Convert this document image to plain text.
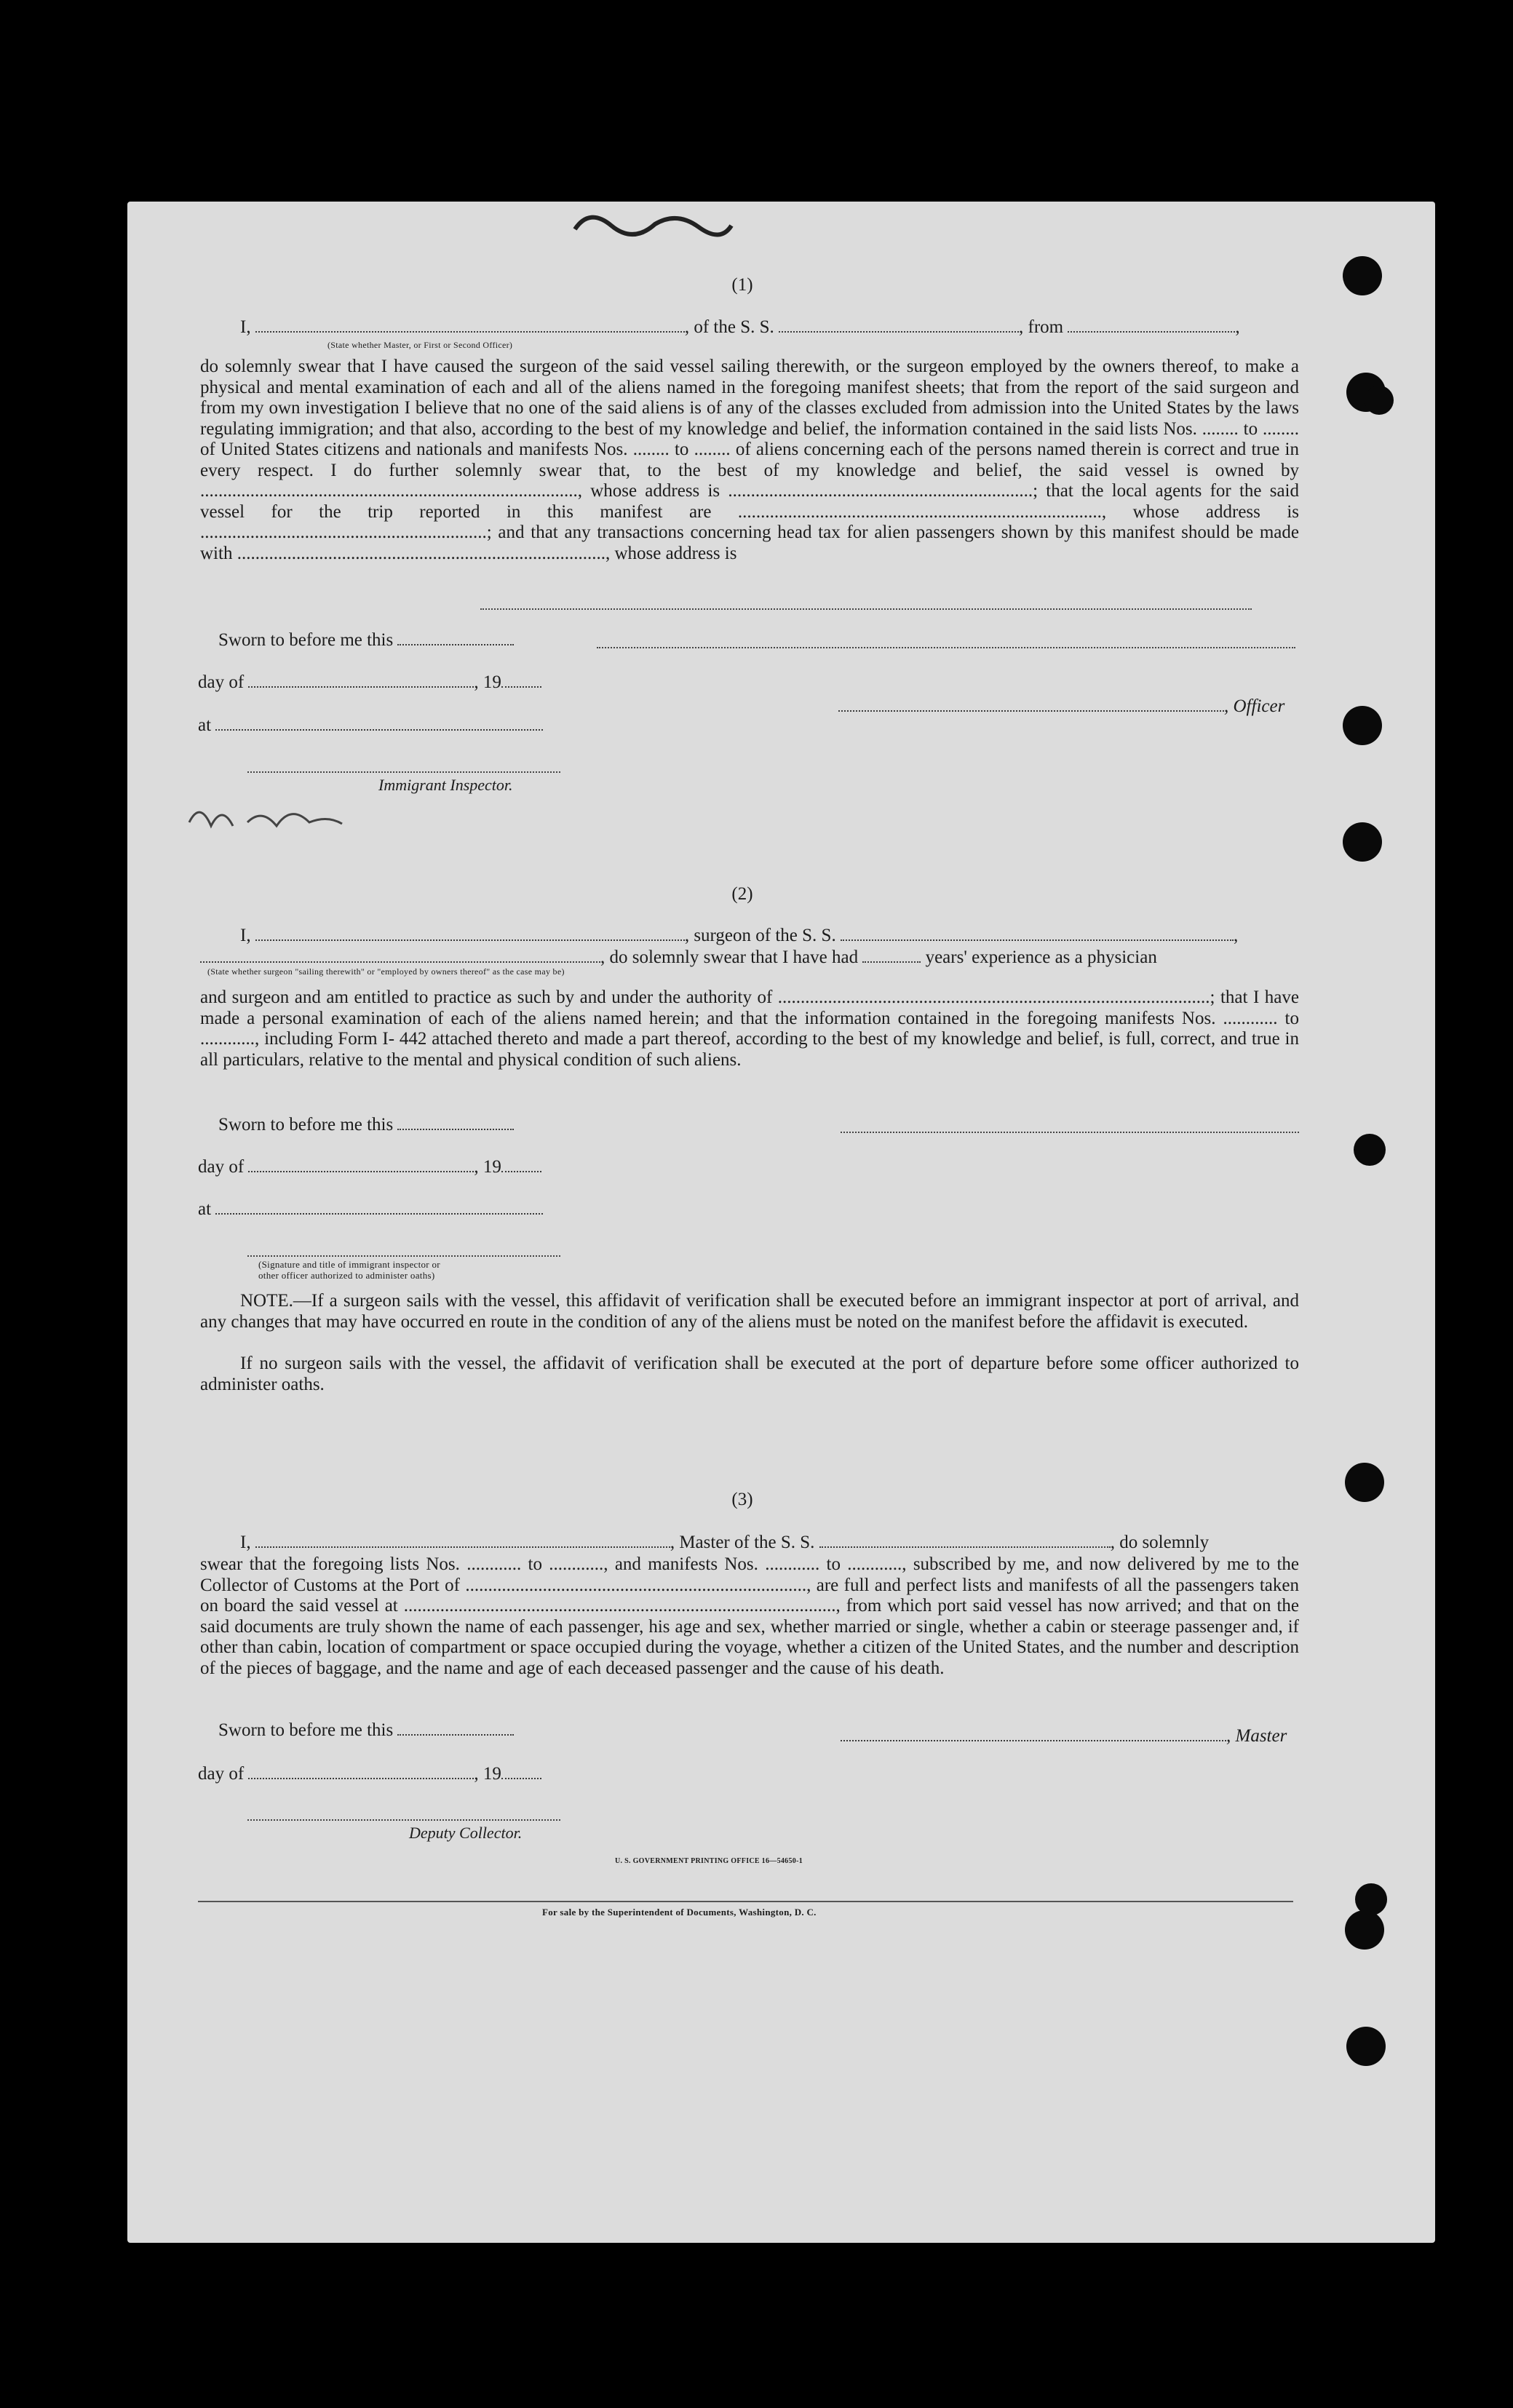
(1)
I,	, of the S. S.	, from	,
(State whether Master, or First or Second Officer)
do solemnly swear that I have caused the surgeon of the said vessel sailing therewith, or the surgeon employed by the owners thereof, to make a physical and mental examination of each and all of the aliens named in the foregoing manifest sheets; that from the report of the said surgeon and from my own investigation I believe that no one of the said aliens is of any of the classes excluded from admission into the United States by the laws regulating immigration; and that also, according to the best of my knowledge and belief, the information contained in the said lists Nos. ........ to ........ of United States citizens and nationals and manifests Nos. ........ to ........ of aliens concerning each of the persons named therein is correct and true in every respect. I do further solemnly swear that, to the best of my knowledge and belief, the said vessel is owned by ..................................................................................., whose address is ...................................................................; that the local agents for the said vessel for the trip reported in this manifest are ................................................................................, whose address is ...............................................................; and that any transactions concerning head tax for alien passengers shown by this manifest should be made with ................................................................................., whose address is
Sworn to before me this
day of	, 19
at
, Officer
Immigrant Inspector.
(2)
I,	, surgeon of the S. S.	,
, do solemnly swear that I have had	years' experience as a physician
(State whether surgeon "sailing therewith" or "employed by owners thereof" as the case may be)
and surgeon and am entitled to practice as such by and under the authority of ...............................................................................................; that I have made a personal examination of each of the aliens named herein; and that the information contained in the foregoing manifests Nos. ............ to ............, including Form I- 442 attached thereto and made a part thereof, according to the best of my knowledge and belief, is full, correct, and true in all particulars, relative to the mental and physical condition of such aliens.
Sworn to before me this
day of	, 19
at
(Signature and title of immigrant inspector or
other officer authorized to administer oaths)
NOTE.—If a surgeon sails with the vessel, this affidavit of verification shall be executed before an immigrant inspector at port of arrival, and any changes that may have occurred en route in the condition of any of the aliens must be noted on the manifest before the affidavit is executed.
If no surgeon sails with the vessel, the affidavit of verification shall be executed at the port of departure before some officer authorized to administer oaths.
(3)
I,	, Master of the S. S.	, do solemnly
swear that the foregoing lists Nos. ............ to ............, and manifests Nos. ............ to ............, subscribed by me, and now delivered by me to the Collector of Customs at the Port of ..........................................................................., are full and perfect lists and manifests of all the passengers taken on board the said vessel at ..............................................................................................., from which port said vessel has now arrived; and that on the said documents are truly shown the name of each passenger, his age and sex, whether married or single, whether a cabin or steerage passenger and, if other than cabin, location of compartment or space occupied during the voyage, whether a citizen of the United States, and the number and description of the pieces of baggage, and the name and age of each deceased passenger and the cause of his death.
Sworn to before me this	, Master
day of	, 19
Deputy Collector.
U. S. GOVERNMENT PRINTING OFFICE 16—54650-1
For sale by the Superintendent of Documents, Washington, D. C.
